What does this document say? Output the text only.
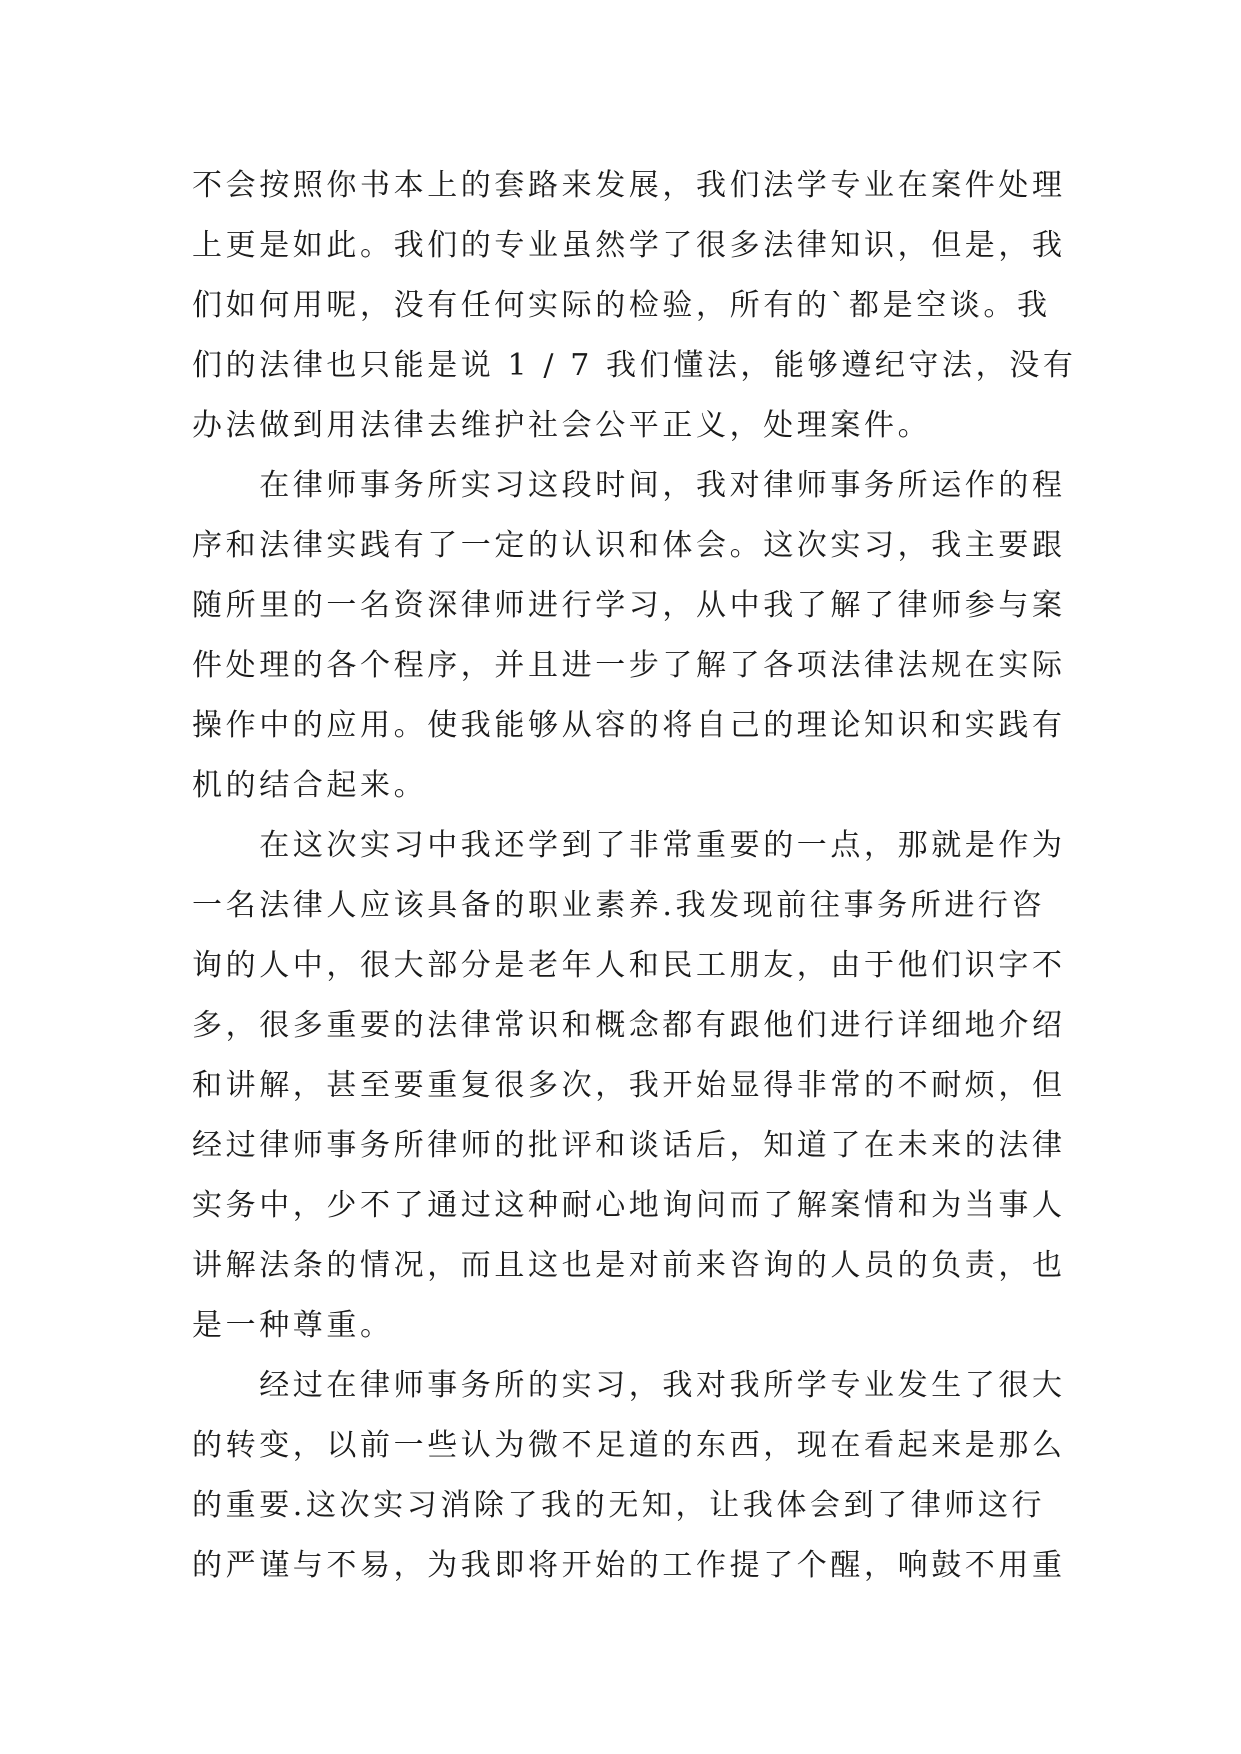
不会按照你书本上的套路来发展，我们法学专业在案件处理
上更是如此。我们的专业虽然学了很多法律知识，但是，我
们如何用呢，没有任何实际的检验，所有的`都是空谈。我
们的法律也只能是说 1 / 7 我们懂法，能够遵纪守法，没有
办法做到用法律去维护社会公平正义，处理案件。
　　在律师事务所实习这段时间，我对律师事务所运作的程
序和法律实践有了一定的认识和体会。这次实习，我主要跟
随所里的一名资深律师进行学习，从中我了解了律师参与案
件处理的各个程序，并且进一步了解了各项法律法规在实际
操作中的应用。使我能够从容的将自己的理论知识和实践有
机的结合起来。
　　在这次实习中我还学到了非常重要的一点，那就是作为
一名法律人应该具备的职业素养.我发现前往事务所进行咨
询的人中，很大部分是老年人和民工朋友，由于他们识字不
多，很多重要的法律常识和概念都有跟他们进行详细地介绍
和讲解，甚至要重复很多次，我开始显得非常的不耐烦，但
经过律师事务所律师的批评和谈话后，知道了在未来的法律
实务中，少不了通过这种耐心地询问而了解案情和为当事人
讲解法条的情况，而且这也是对前来咨询的人员的负责，也
是一种尊重。
　　经过在律师事务所的实习，我对我所学专业发生了很大
的转变，以前一些认为微不足道的东西，现在看起来是那么
的重要.这次实习消除了我的无知，让我体会到了律师这行
的严谨与不易，为我即将开始的工作提了个醒，响鼓不用重
